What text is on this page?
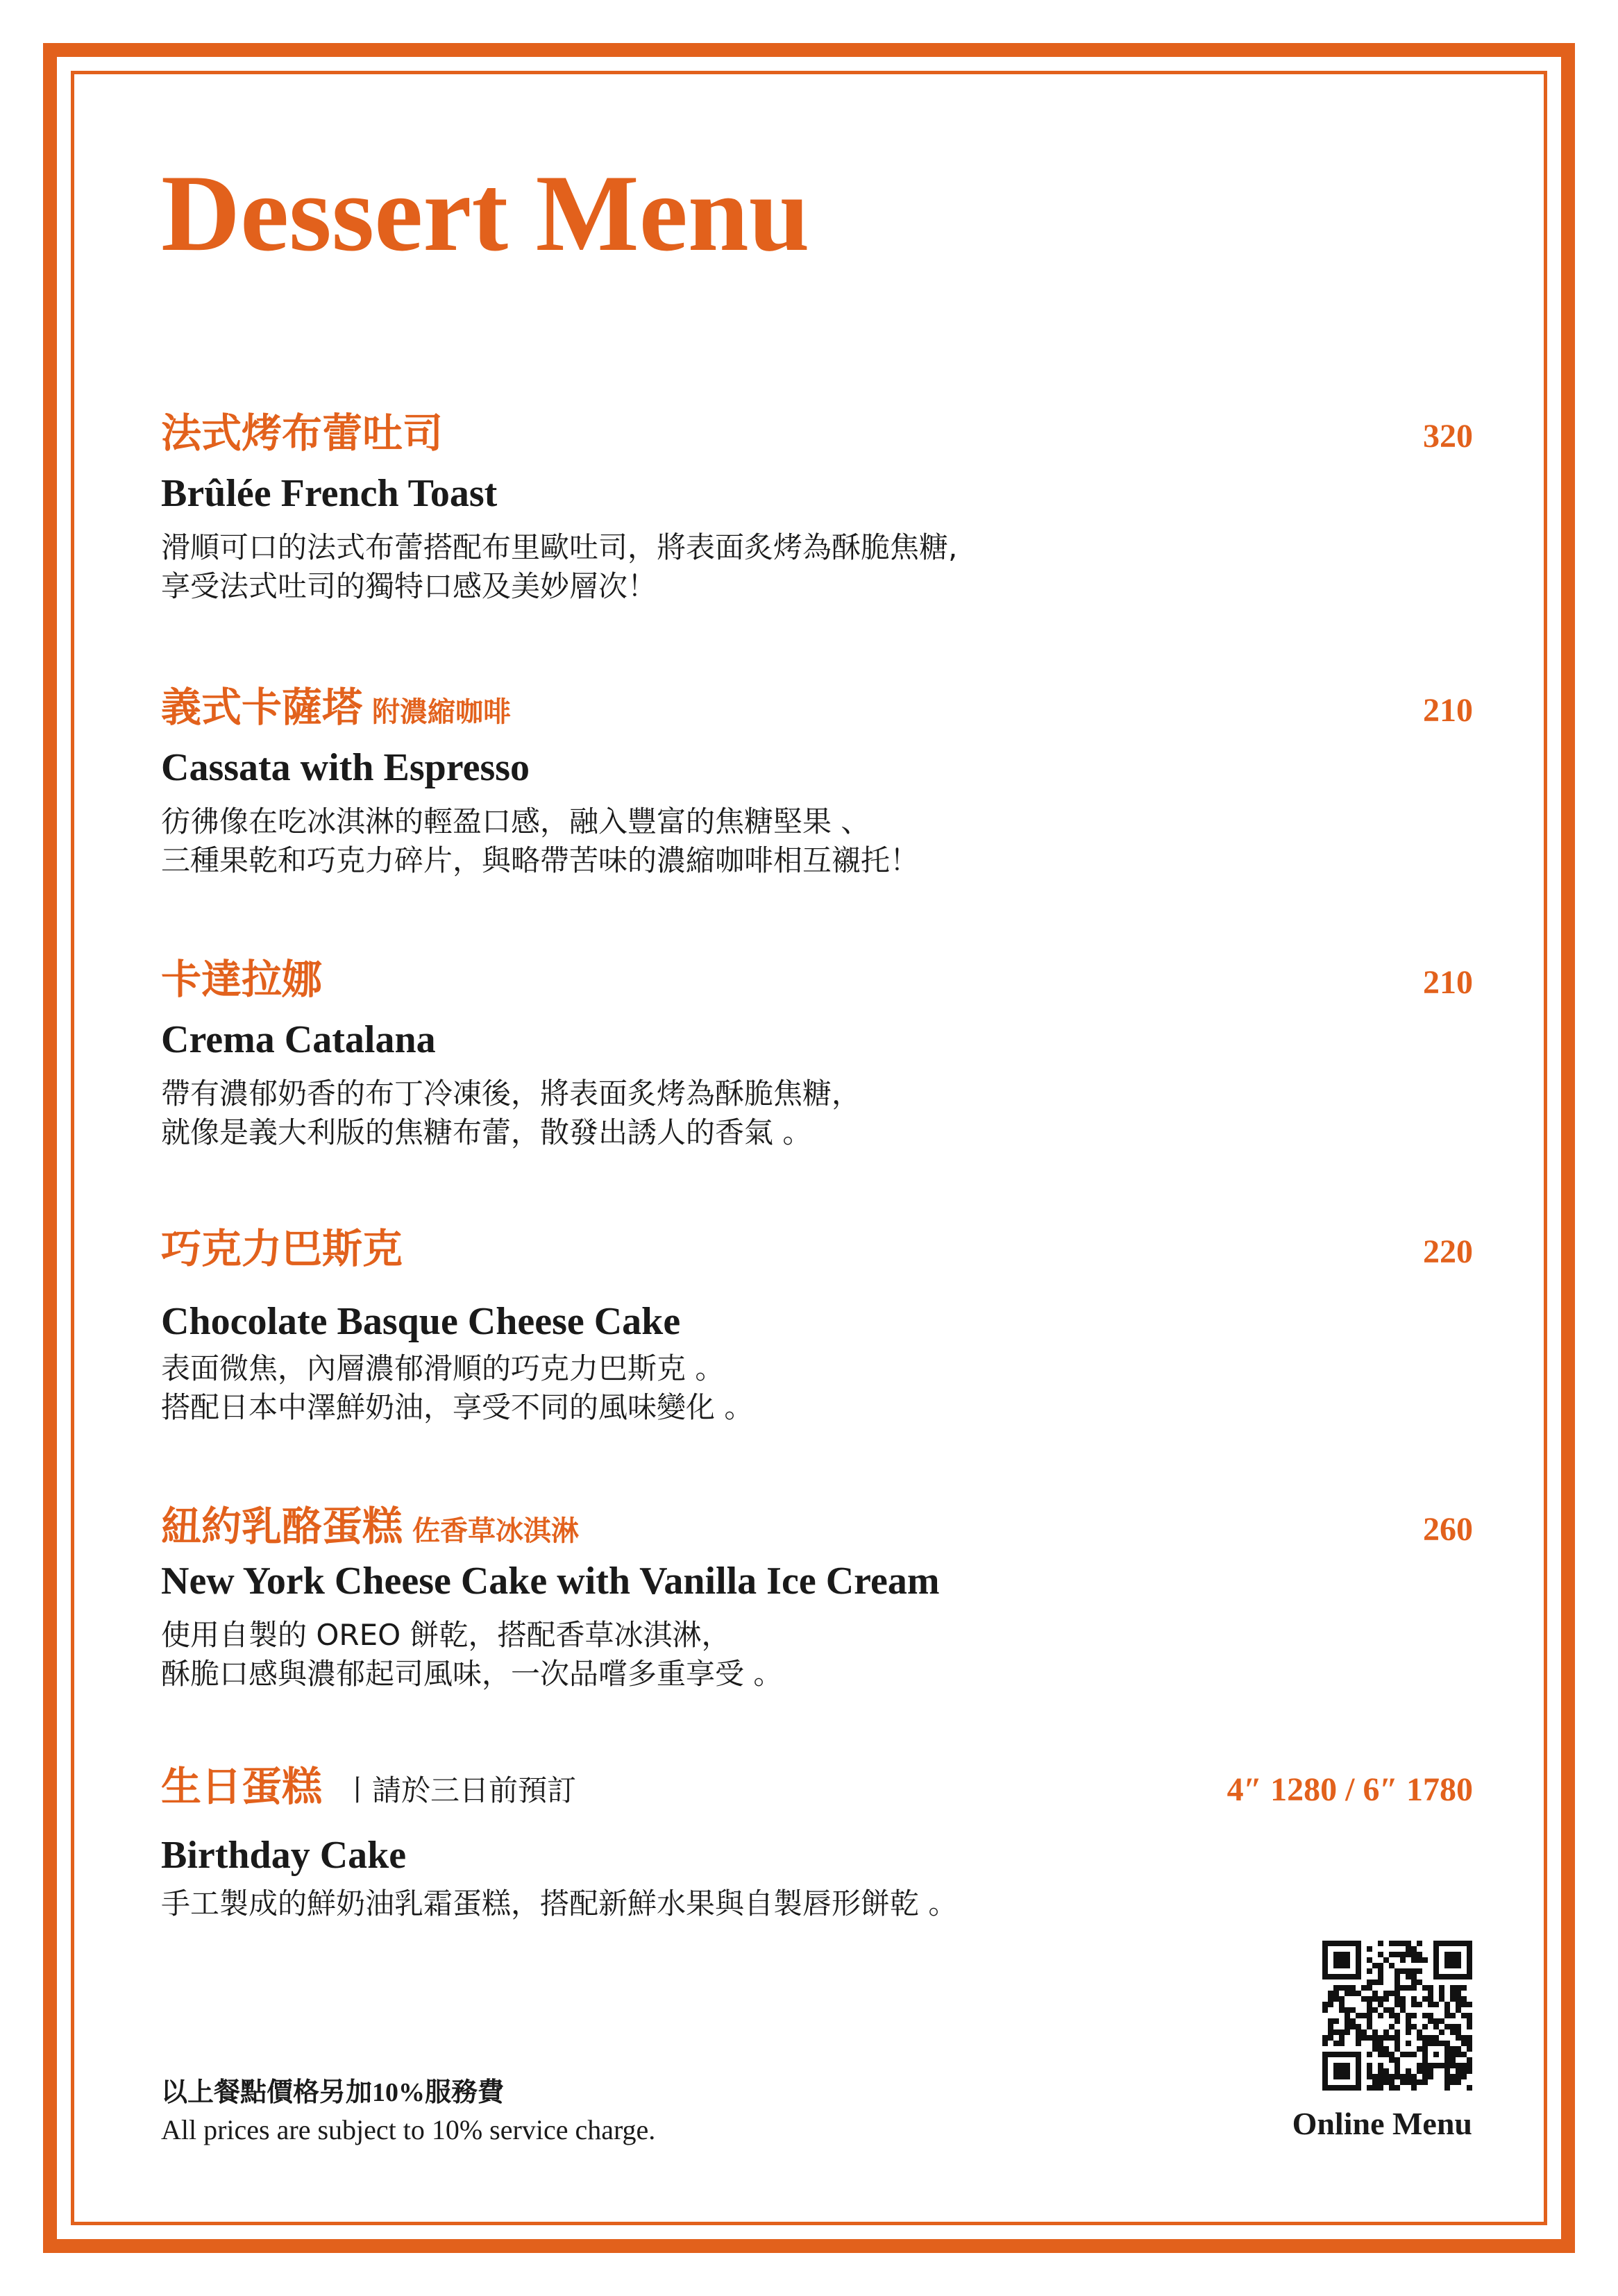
Dessert Menu
法式烤布蕾吐司	320
Brûlée French Toast
滑順可口的法式布蕾搭配布里歐吐司，將表面炙烤為酥脆焦糖,
享受法式吐司的獨特口感及美妙層次！
義式卡薩塔 附濃縮咖啡	210
Cassata with Espresso
彷彿像在吃冰淇淋的輕盈口感，融入豐富的焦糖堅果 、
三種果乾和巧克力碎片，與略帶苦味的濃縮咖啡相互襯托！
卡達拉娜	210
Crema Catalana
帶有濃郁奶香的布丁冷凍後，將表面炙烤為酥脆焦糖，
就像是義大利版的焦糖布蕾，散發出誘人的香氣 。
巧克力巴斯克	220
Chocolate Basque Cheese Cake
表面微焦，內層濃郁滑順的巧克力巴斯克 。
搭配日本中澤鮮奶油，享受不同的風味變化 。
紐約乳酪蛋糕 佐香草冰淇淋	260
New York Cheese Cake with Vanilla Ice Cream
使用自製的 OREO 餅乾，搭配香草冰淇淋，
酥脆口感與濃郁起司風味，一次品嚐多重享受 。
生日蛋糕 丨請於三日前預訂	4″ 1280 / 6″ 1780
Birthday Cake
手工製成的鮮奶油乳霜蛋糕，搭配新鮮水果與自製唇形餅乾 。
以上餐點價格另加10%服務費
All prices are subject to 10% service charge.	Online Menu
